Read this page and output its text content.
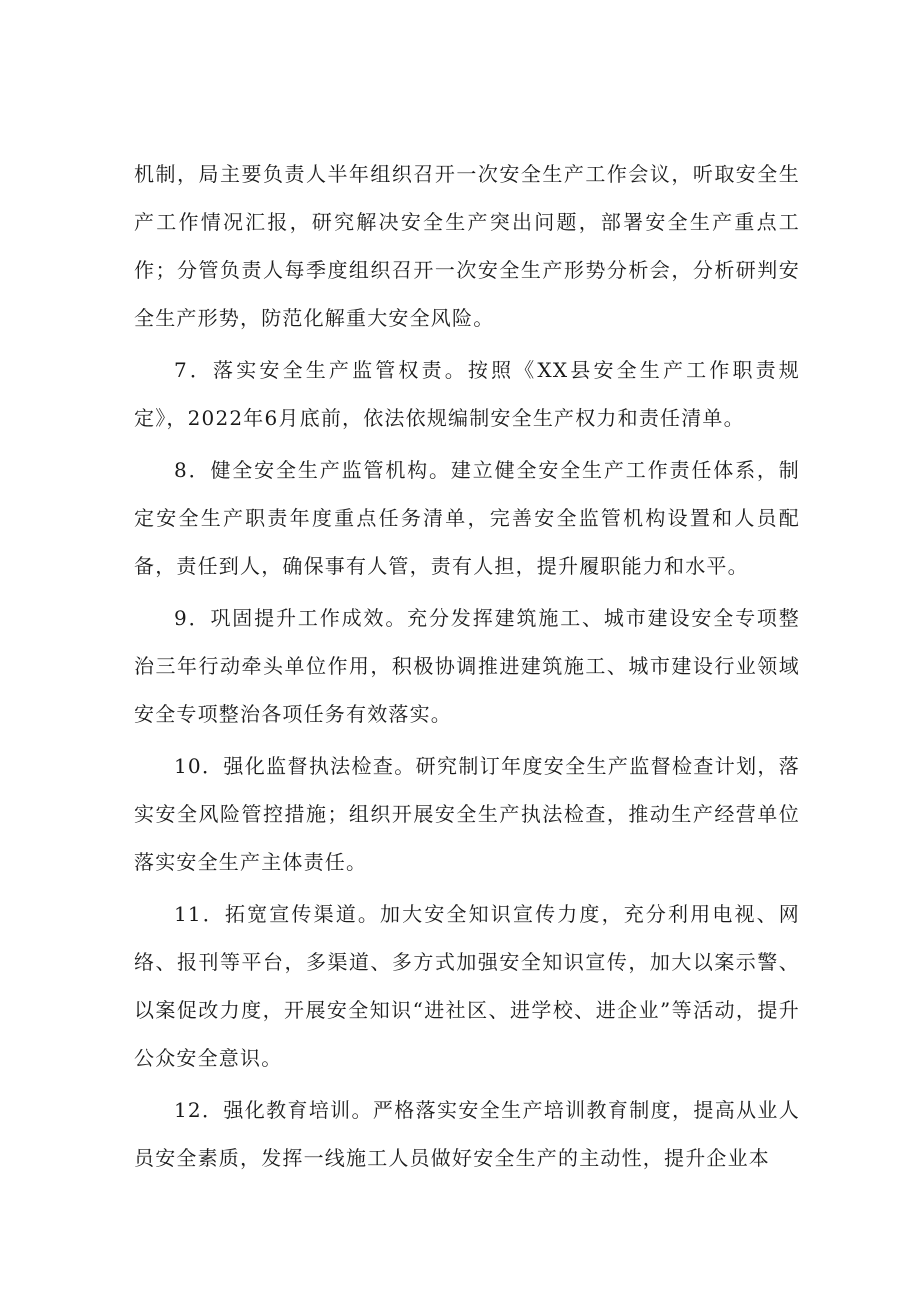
机制，局主要负责人半年组织召开一次安全生产工作会议，听取安全生产工作情况汇报，研究解决安全生产突出问题，部署安全生产重点工作；分管负责人每季度组织召开一次安全生产形势分析会，分析研判安全生产形势，防范化解重大安全风险。

7．落实安全生产监管权责。按照《XX县安全生产工作职责规定》，2022年6月底前，依法依规编制安全生产权力和责任清单。

8．健全安全生产监管机构。建立健全安全生产工作责任体系，制定安全生产职责年度重点任务清单，完善安全监管机构设置和人员配备，责任到人，确保事有人管，责有人担，提升履职能力和水平。

9．巩固提升工作成效。充分发挥建筑施工、城市建设安全专项整治三年行动牵头单位作用，积极协调推进建筑施工、城市建设行业领域安全专项整治各项任务有效落实。

10．强化监督执法检查。研究制订年度安全生产监督检查计划，落实安全风险管控措施；组织开展安全生产执法检查，推动生产经营单位落实安全生产主体责任。

11．拓宽宣传渠道。加大安全知识宣传力度，充分利用电视、网络、报刊等平台，多渠道、多方式加强安全知识宣传，加大以案示警、以案促改力度，开展安全知识“进社区、进学校、进企业”等活动，提升公众安全意识。

12．强化教育培训。严格落实安全生产培训教育制度，提高从业人员安全素质，发挥一线施工人员做好安全生产的主动性，提升企业本
